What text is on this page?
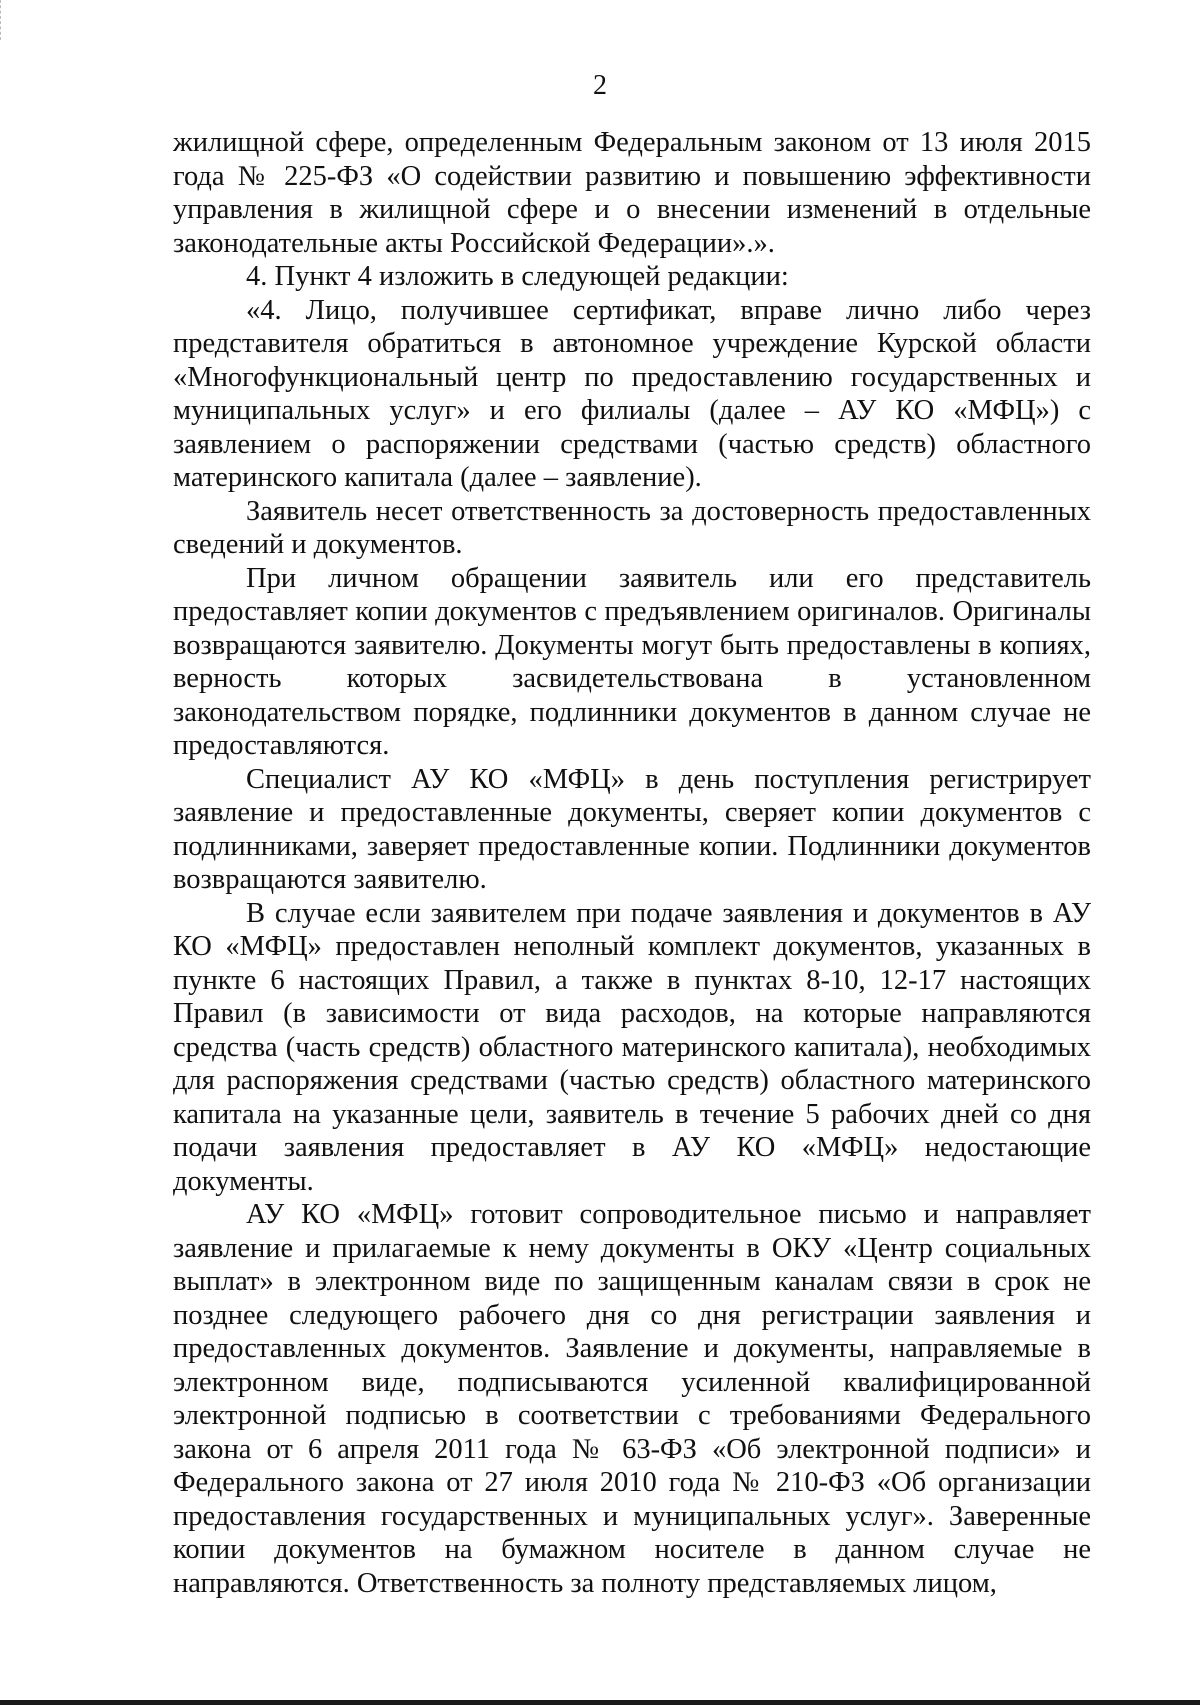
2

жилищной сфере, определенным Федеральным законом от 13 июля 2015 года № 225-ФЗ «О содействии развитию и повышению эффективности управления в жилищной сфере и о внесении изменений в отдельные законодательные акты Российской Федерации».».

4. Пункт 4 изложить в следующей редакции:

«4. Лицо, получившее сертификат, вправе лично либо через представителя обратиться в автономное учреждение Курской области «Многофункциональный центр по предоставлению государственных и муниципальных услуг» и его филиалы (далее – АУ КО «МФЦ») с заявлением о распоряжении средствами (частью средств) областного материнского капитала (далее – заявление).

Заявитель несет ответственность за достоверность предоставленных сведений и документов.

При личном обращении заявитель или его представитель предоставляет копии документов с предъявлением оригиналов. Оригиналы возвращаются заявителю. Документы могут быть предоставлены в копиях, верность которых засвидетельствована в установленном законодательством порядке, подлинники документов в данном случае не предоставляются.

Специалист АУ КО «МФЦ» в день поступления регистрирует заявление и предоставленные документы, сверяет копии документов с подлинниками, заверяет предоставленные копии. Подлинники документов возвращаются заявителю.

В случае если заявителем при подаче заявления и документов в АУ КО «МФЦ» предоставлен неполный комплект документов, указанных в пункте 6 настоящих Правил, а также в пунктах 8-10, 12-17 настоящих Правил (в зависимости от вида расходов, на которые направляются средства (часть средств) областного материнского капитала), необходимых для распоряжения средствами (частью средств) областного материнского капитала на указанные цели, заявитель в течение 5 рабочих дней со дня подачи заявления предоставляет в АУ КО «МФЦ» недостающие документы.

АУ КО «МФЦ» готовит сопроводительное письмо и направляет заявление и прилагаемые к нему документы в ОКУ «Центр социальных выплат» в электронном виде по защищенным каналам связи в срок не позднее следующего рабочего дня со дня регистрации заявления и предоставленных документов. Заявление и документы, направляемые в электронном виде, подписываются усиленной квалифицированной электронной подписью в соответствии с требованиями Федерального закона от 6 апреля 2011 года № 63-ФЗ «Об электронной подписи» и Федерального закона от 27 июля 2010 года № 210-ФЗ «Об организации предоставления государственных и муниципальных услуг». Заверенные копии документов на бумажном носителе в данном случае не направляются. Ответственность за полноту представляемых лицом,
